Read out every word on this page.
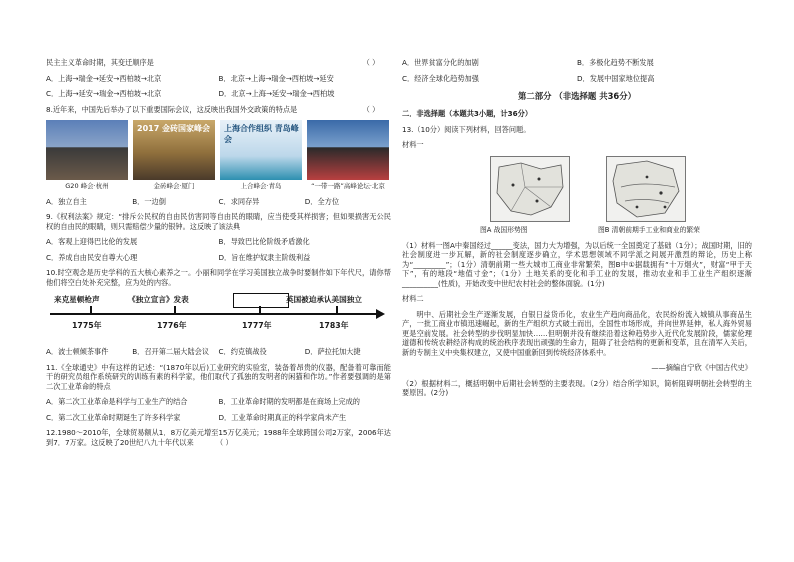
民主主义革命时期，其变迁顺序是	（ ）
A．上海→瑞金→延安→西柏坡→北京	B．北京→上海→瑞金→西柏坡→延安
C．上海→延安→瑞金→西柏坡→北京	D．北京→上海→延安→瑞金→西柏坡
8.近年来，中国先后举办了以下重要国际会议，这反映出我国外交政策的特点是	（ ）
2017 金砖国家峰会 上海合作组织 青岛峰会
G20 峰会·杭州	金砖峰会·厦门	上合峰会·青岛	“一带一路”高峰论坛·北京
A．独立自主	B．一边倒	C．求同存异	D．全方位
9.《权利法案》规定：“排斥公民权的自由民仿害同等自由民的眼睛，应当使受其样损害；但如果损害无公民权的自由民的眼睛，则只需赔偿少量的银钟。这反映了该法典
A．客观上迎得巴比伦的发展	B．导致巴比伦阶级矛盾激化
C．养成自由民安自尊大心理	D．旨在维护奴隶主阶级利益
10.时空观念是历史学科的五大核心素养之一。小丽和同学在学习美国独立战争时要制作如下年代尺，请你帮他们将空白处补充完整，应为处的内容。
来克星顿枪声	《独立宣言》发表	英国被迫承认美国独立
1775年	1776年	1777年	1783年
A．波士顿倾茶事件	B．召开第二届大陆会议	C．约克镇战役	D．萨拉托加大捷
11.《全球通史》中有这样的记述：“(1870年以后)工业研究的实验室，装备着昂贵的仪器，配备着可靠而能干的研究员组作系统研究的训练有素的科学家，他们取代了孤独的发明者的闲猫和作坊。”作者要强调的是第二次工业革命的特点
A．第二次工业革命是科学与工业生产的结合	B．工业革命时期的发明都是在商场上完成的
C．第二次工业革命时期诞生了许多科学家	D．工业革命时期真正的科学家尚未产生
12.1980～2010年，全球贸易额从1．8万亿美元增至15万亿美元；1988年全球跨国公司2万家，2006年达到7．7万家。这反映了20世纪八九十年代以来	（ ）
A．世界贫富分化的加剧	B．多极化趋势不断发展
C．经济全球化趋势加强	D．发展中国家地位提高
第二部分 （非选择题 共36分）
二．非选择题（本题共3小题，计36分）
13.（10分）阅读下列材料，回答问题。
材料一
图A 战国形势图	图B 清朝前期手工业和商业的繁荣
（1）材料一图A中秦国经过______变法，国力大为增强，为以后统一全国奠定了基础（1分）；战国时期，旧的社会制度进一步瓦解，新的社会制度逐步确立，学术思想领域不同学派之间展开激烈的辩论，历史上称为“_________”；（1分）清朝前期一些大城市工商业非常繁荣，图B中①据载拥有“十万烟火”，财富“甲于天下”，有的地段“地值寸金”；（1分）土地关系的变化和手工业的发展，推动农业和手工业生产组织逐渐__________(性质)，开始改变中世纪农村社会的整体面貌。(1分)
材料二
明中、后期社会生产逐渐发展，白银日益货币化，农业生产趋向商品化，农民纷纷流入城镇从事商品生产，一批工商业市镇迅速崛起，新的生产组织方式破土而出，全国性市场形成，并向世界延伸，私人海外贸易更是空前发展。社会转型的步伐明显加快……但明朝并没有继续沿着这种趋势步入近代化发展阶段，儒家伦理道德和传统农耕经济构成的统治秩序表现出顽强的生命力，阻碍了社会结构的更新和变革，且在清军入关后，新的专制主义中央集权建立，又使中国重新回到传统经济体系中。
——摘编自宁欣《中国古代史》
（2）根据材料二，概括明朝中后期社会转型的主要表现。（2分）结合所学知识，简析阻碍明朝社会转型的主要原因。(2分)
